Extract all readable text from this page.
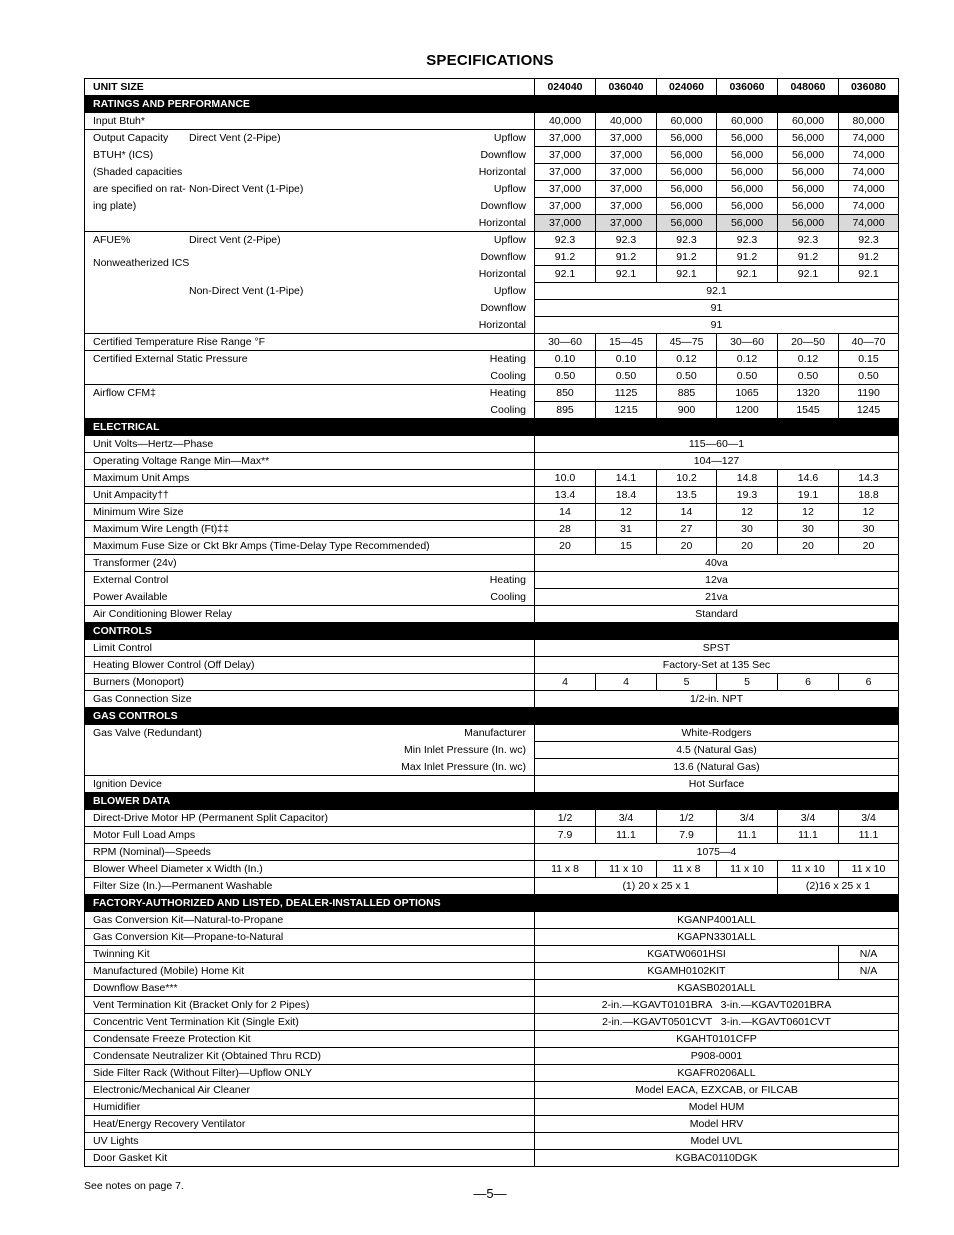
SPECIFICATIONS
UNIT SIZE	024040	036040	024060	036060	048060	036080
RATINGS AND PERFORMANCE						
Input Btuh*	40,000	40,000	60,000	60,000	60,000	80,000

Output Capacity Direct Vent (2-Pipe) Upflow	37,000	37,000	56,000	56,000	56,000	74,000

BTUH* (ICS) Downflow	37,000	37,000	56,000	56,000	56,000	74,000

(Shaded capacities Horizontal	37,000	37,000	56,000	56,000	56,000	74,000

are specified on rat- Non-Direct Vent (1-Pipe) Upflow	37,000	37,000	56,000	56,000	56,000	74,000

ing plate) Downflow	37,000	37,000	56,000	56,000	56,000	74,000

Horizontal	37,000	37,000	56,000	56,000	56,000	74,000

AFUE% Direct Vent (2-Pipe) Upflow	92.3	92.3	92.3	92.3	92.3	92.3

Nonweatherized ICS Downflow	91.2	91.2	91.2	91.2	91.2	91.2

Horizontal	92.1	92.1	92.1	92.1	92.1	92.1

Non-Direct Vent (1-Pipe) Upflow	92.1					

Downflow	91					

Horizontal	91					
Certified Temperature Rise Range °F	30—60	15—45	45—75	30—60	20—50	40—70

Certified External Static Pressure Heating	0.10	0.10	0.12	0.12	0.12	0.15

Cooling	0.50	0.50	0.50	0.50	0.50	0.50

Airflow CFM‡ Heating	850	1125	885	1065	1320	1190

Cooling	895	1215	900	1200	1545	1245
ELECTRICAL						
Unit Volts—Hertz—Phase	115—60—1					
Operating Voltage Range Min—Max**	104—127					
Maximum Unit Amps	10.0	14.1	10.2	14.8	14.6	14.3
Unit Ampacity††	13.4	18.4	13.5	19.3	19.1	18.8
Minimum Wire Size	14	12	14	12	12	12
Maximum Wire Length (Ft)‡‡	28	31	27	30	30	30
Maximum Fuse Size or Ckt Bkr Amps (Time-Delay Type Recommended)	20	15	20	20	20	20
Transformer (24v)	40va					

External Control Heating	12va					

Power Available Cooling	21va					
Air Conditioning Blower Relay	Standard					
CONTROLS						
Limit Control	SPST					
Heating Blower Control (Off Delay)	Factory-Set at 135 Sec					
Burners (Monoport)	4	4	5	5	6	6
Gas Connection Size	1/2-in. NPT					
GAS CONTROLS						

Gas Valve (Redundant) Manufacturer	White-Rodgers					

Min Inlet Pressure (In. wc)	4.5 (Natural Gas)					

Max Inlet Pressure (In. wc)	13.6 (Natural Gas)					
Ignition Device	Hot Surface					
BLOWER DATA						
Direct-Drive Motor HP (Permanent Split Capacitor)	1/2	3/4	1/2	3/4	3/4	3/4
Motor Full Load Amps	7.9	11.1	7.9	11.1	11.1	11.1
RPM (Nominal)—Speeds	1075—4					
Blower Wheel Diameter x Width (In.)	11 x 8	11 x 10	11 x 8	11 x 10	11 x 10	11 x 10
Filter Size (In.)—Permanent Washable	(1) 20 x 25 x 1				(2)16 x 25 x 1	
FACTORY-AUTHORIZED AND LISTED, DEALER-INSTALLED OPTIONS						
Gas Conversion Kit—Natural-to-Propane	KGANP4001ALL					
Gas Conversion Kit—Propane-to-Natural	KGAPN3301ALL					
Twinning Kit	KGATW0601HSI					N/A
Manufactured (Mobile) Home Kit	KGAMH0102KIT					N/A
Downflow Base***	KGASB0201ALL					
Vent Termination Kit (Bracket Only for 2 Pipes)	2-in.—KGAVT0101BRA   3-in.—KGAVT0201BRA					
Concentric Vent Termination Kit (Single Exit)	2-in.—KGAVT0501CVT   3-in.—KGAVT0601CVT					
Condensate Freeze Protection Kit	KGAHT0101CFP					
Condensate Neutralizer Kit (Obtained Thru RCD)	P908-0001					
Side Filter Rack (Without Filter)—Upflow ONLY	KGAFR0206ALL					
Electronic/Mechanical Air Cleaner	Model EACA, EZXCAB, or FILCAB					
Humidifier	Model HUM					
Heat/Energy Recovery Ventilator	Model HRV					
UV Lights	Model UVL					
Door Gasket Kit	KGBAC0110DGK					
See notes on page 7.	—5—
